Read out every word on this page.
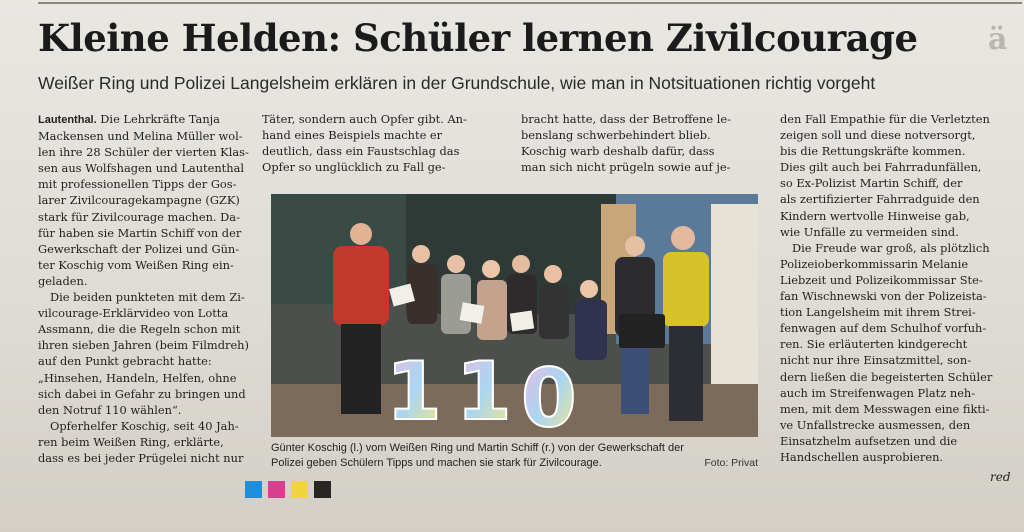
ä
Kleine Helden: Schüler lernen Zivilcourage
Weißer Ring und Polizei Langelsheim erklären in der Grundschule, wie man in Notsituationen richtig vorgeht
Lautenthal. Die Lehrkräfte Tanja
Mackensen und Melina Müller wol-
len ihre 28 Schüler der vierten Klas-
sen aus Wolfshagen und Lautenthal
mit professionellen Tipps der Gos-
larer Zivilcouragekampagne (GZK)
stark für Zivilcourage machen. Da-
für haben sie Martin Schiff von der
Gewerkschaft der Polizei und Gün-
ter Koschig vom Weißen Ring ein-
geladen.
Die beiden punkteten mit dem Zi-
vilcourage-Erklärvideo von Lotta
Assmann, die die Regeln schon mit
ihren sieben Jahren (beim Filmdreh)
auf den Punkt gebracht hatte:
„Hinsehen, Handeln, Helfen, ohne
sich dabei in Gefahr zu bringen und
den Notruf 110 wählen“.
Opferhelfer Koschig, seit 40 Jah-
ren beim Weißen Ring, erklärte,
dass es bei jeder Prügelei nicht nur
Täter, sondern auch Opfer gibt. An-
hand eines Beispiels machte er
deutlich, dass ein Faustschlag das
Opfer so unglücklich zu Fall ge-
bracht hatte, dass der Betroffene le-
benslang schwerbehindert blieb.
Koschig warb deshalb dafür, dass
man sich nicht prügeln sowie auf je-
den Fall Empathie für die Verletzten
zeigen soll und diese notversorgt,
bis die Rettungskräfte kommen.
Dies gilt auch bei Fahrradunfällen,
so Ex-Polizist Martin Schiff, der
als zertifizierter Fahrradguide den
Kindern wertvolle Hinweise gab,
wie Unfälle zu vermeiden sind.
Die Freude war groß, als plötzlich
Polizeioberkommissarin Melanie
Liebzeit und Polizeikommissar Ste-
fan Wischnewski von der Polizeista-
tion Langelsheim mit ihrem Strei-
fenwagen auf dem Schulhof vorfuh-
ren. Sie erläuterten kindgerecht
nicht nur ihre Einsatzmittel, son-
dern ließen die begeisterten Schüler
auch im Streifenwagen Platz neh-
men, mit dem Messwagen eine fikti-
ve Unfallstrecke ausmessen, den
Einsatzhelm aufsetzen und die
Handschellen ausprobieren.
1 1 0
Günter Koschig (l.) vom Weißen Ring und Martin Schiff (r.) von der Gewerkschaft der
Polizei geben Schülern Tipps und machen sie stark für Zivilcourage.	Foto: Privat
red
